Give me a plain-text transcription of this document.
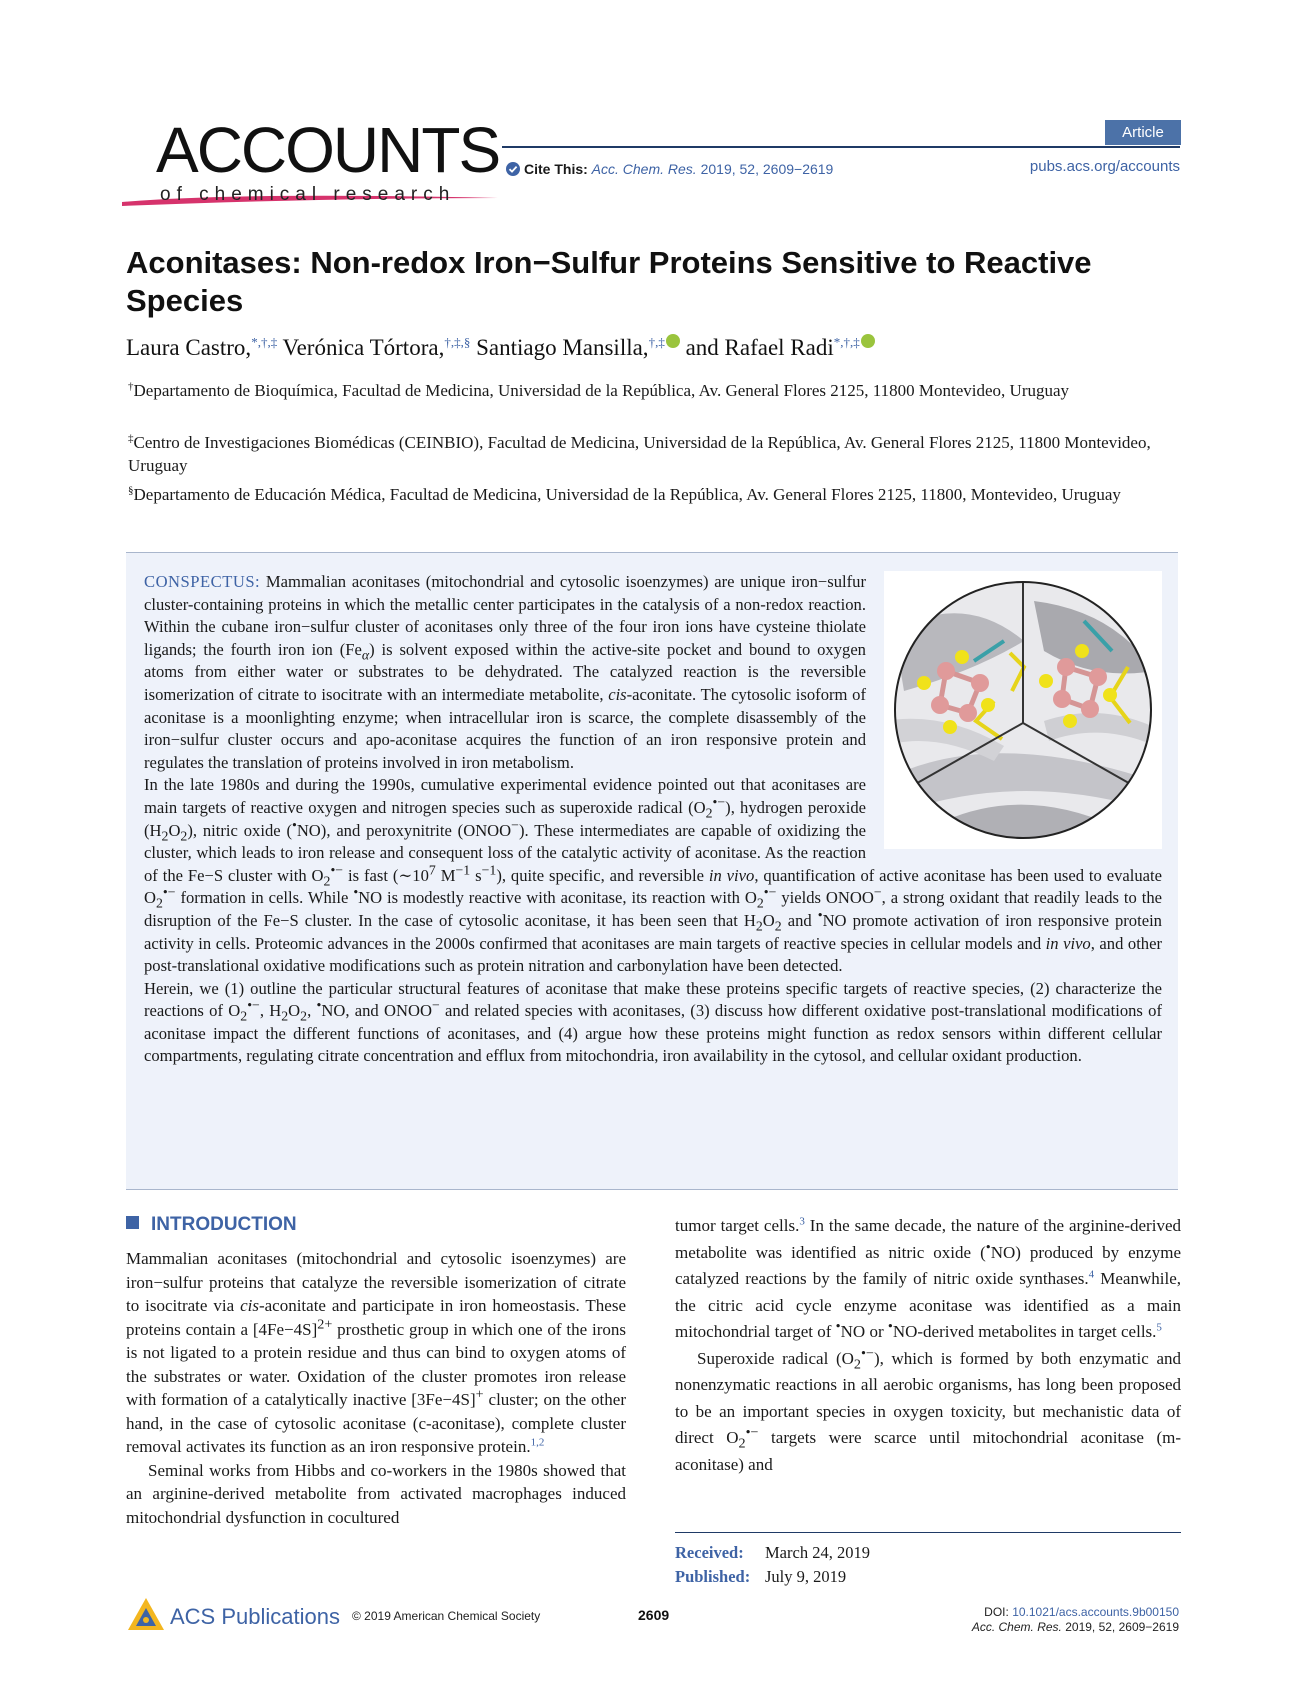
ACCOUNTS
of chemical research
Article
Cite This: Acc. Chem. Res. 2019, 52, 2609−2619	pubs.acs.org/accounts
Aconitases: Non-redox Iron−Sulfur Proteins Sensitive to Reactive Species
Laura Castro,*,†,‡ Verónica Tórtora,†,‡,§ Santiago Mansilla,†,‡ and Rafael Radi*,†,‡
†Departamento de Bioquímica, Facultad de Medicina, Universidad de la República, Av. General Flores 2125, 11800 Montevideo, Uruguay
‡Centro de Investigaciones Biomédicas (CEINBIO), Facultad de Medicina, Universidad de la República, Av. General Flores 2125, 11800 Montevideo, Uruguay
§Departamento de Educación Médica, Facultad de Medicina, Universidad de la República, Av. General Flores 2125, 11800, Montevideo, Uruguay

CONSPECTUS: Mammalian aconitases (mitochondrial and cytosolic isoenzymes) are unique iron−sulfur cluster-containing proteins in which the metallic center participates in the catalysis of a non-redox reaction. Within the cubane iron−sulfur cluster of aconitases only three of the four iron ions have cysteine thiolate ligands; the fourth iron ion $(Fe_\alpha)$ is solvent exposed within the active-site pocket and bound to oxygen atoms from either water or substrates to be dehydrated. The catalyzed reaction is the reversible isomerization of citrate to isocitrate with an intermediate metabolite, cis-aconitate. The cytosolic isoform of aconitase is a moonlighting enzyme; when intracellular iron is scarce, the complete disassembly of the iron−sulfur cluster occurs and apo-aconitase acquires the function of an iron responsive protein and regulates the translation of proteins involved in iron metabolism.

In the late 1980s and during the 1990s, cumulative experimental evidence pointed out that aconitases are main targets of reactive oxygen and nitrogen species such as superoxide radical $(O_2^{•-})$, hydrogen peroxide $(H_2O_2)$, nitric oxide (•NO), and peroxynitrite (ONOO−). These intermediates are capable of oxidizing the cluster, which leads to iron release and consequent loss of the catalytic activity of aconitase. As the reaction of the Fe−S cluster with $O_2^{•-}$ is fast ($\sim 10^7$ $M^{-1}$ $s^{-1}$), quite specific, and reversible in vivo, quantification of active aconitase has been used to evaluate $O_2^{•-}$ formation in cells. While •NO is modestly reactive with aconitase, its reaction with $O_2^{•-}$ yields ONOO−, a strong oxidant that readily leads to the disruption of the Fe−S cluster. In the case of cytosolic aconitase, it has been seen that $H_2O_2$ and •NO promote activation of iron responsive protein activity in cells. Proteomic advances in the 2000s confirmed that aconitases are main targets of reactive species in cellular models and in vivo, and other post-translational oxidative modifications such as protein nitration and carbonylation have been detected.

Herein, we (1) outline the particular structural features of aconitase that make these proteins specific targets of reactive species, (2) characterize the reactions of $O_2^{•-}$, $H_2O_2$, •NO, and ONOO− and related species with aconitases, (3) discuss how different oxidative post-translational modifications of aconitase impact the different functions of aconitases, and (4) argue how these proteins might function as redox sensors within different cellular compartments, regulating citrate concentration and efflux from mitochondria, iron availability in the cytosol, and cellular oxidant production.

INTRODUCTION

Mammalian aconitases (mitochondrial and cytosolic isoenzymes) are iron−sulfur proteins that catalyze the reversible isomerization of citrate to isocitrate via cis-aconitate and participate in iron homeostasis. These proteins contain a $[4Fe-4S]^{2+}$ prosthetic group in which one of the irons is not ligated to a protein residue and thus can bind to oxygen atoms of the substrates or water. Oxidation of the cluster promotes iron release with formation of a catalytically inactive [3Fe−4S]+ cluster; on the other hand, in the case of cytosolic aconitase (c-aconitase), complete cluster removal activates its function as an iron responsive protein.$^{1,2}$

Seminal works from Hibbs and co-workers in the 1980s showed that an arginine-derived metabolite from activated macrophages induced mitochondrial dysfunction in cocultured

tumor target cells.$^3$ In the same decade, the nature of the arginine-derived metabolite was identified as nitric oxide (•NO) produced by enzyme catalyzed reactions by the family of nitric oxide synthases.$^4$ Meanwhile, the citric acid cycle enzyme aconitase was identified as a main mitochondrial target of •NO or •NO-derived metabolites in target cells.$^5$

Superoxide radical $(O_2^{•-})$, which is formed by both enzymatic and nonenzymatic reactions in all aerobic organisms, has long been proposed to be an important species in oxygen toxicity, but mechanistic data of direct $O_2^{•-}$ targets were scarce until mitochondrial aconitase (m-aconitase) and

Received: March 24, 2019
Published: July 9, 2019
ACS Publications © 2019 American Chemical Society	2609	DOI: 10.1021/acs.accounts.9b00150
Acc. Chem. Res. 2019, 52, 2609−2619
